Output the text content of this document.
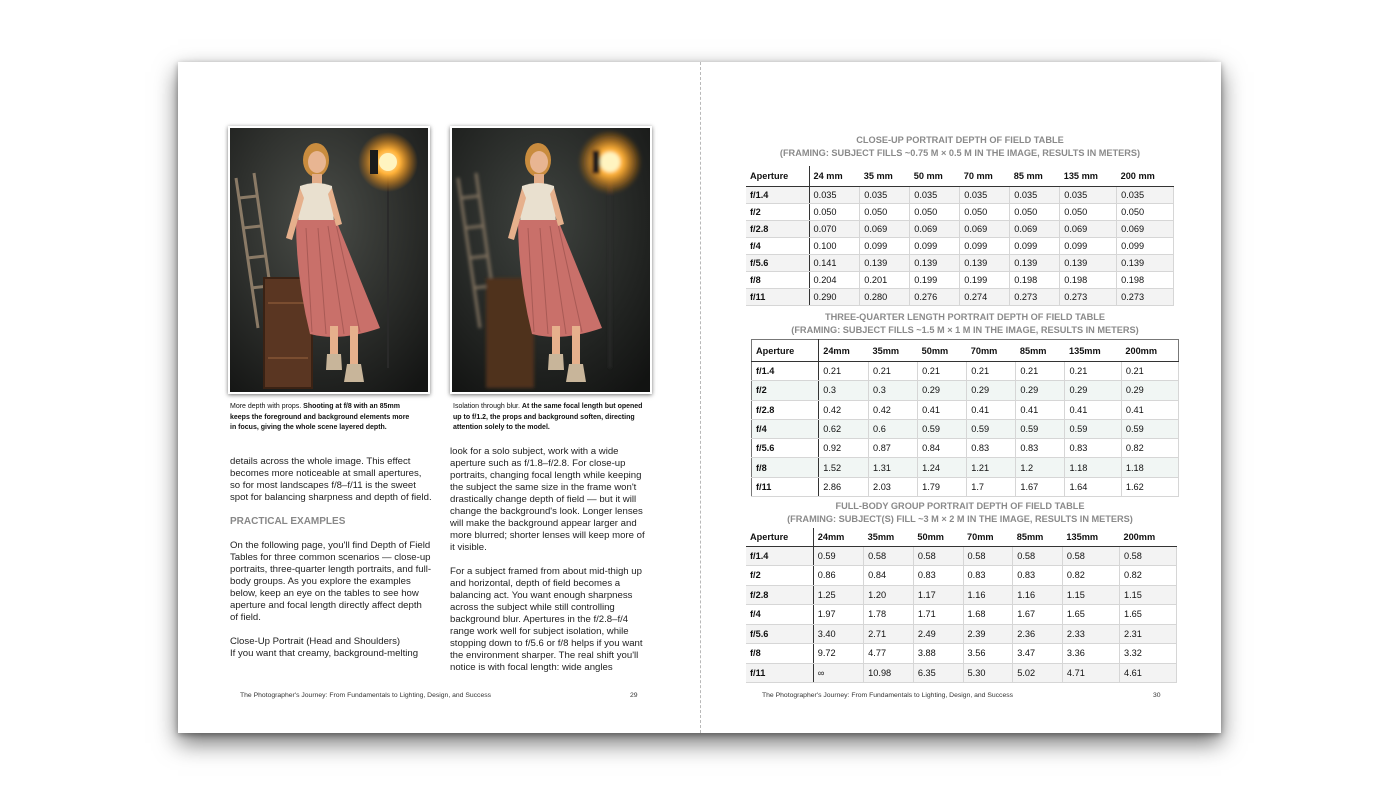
More depth with props. Shooting at f/8 with an 85mm keeps the foreground and background elements more in focus, giving the whole scene layered depth.
Isolation through blur. At the same focal length but opened up to f/1.2, the props and background soften, directing attention solely to the model.

details across the whole image. This effect becomes more noticeable at small apertures, so for most landscapes f/8–f/11 is the sweet spot for balancing sharpness and depth of field.

PRACTICAL EXAMPLES

On the following page, you'll find Depth of Field Tables for three common scenarios — close-up portraits, three-quarter length portraits, and full-body groups. As you explore the examples below, keep an eye on the tables to see how aperture and focal length directly affect depth of field.

Close-Up Portrait (Head and Shoulders)
If you want that creamy, background-melting

look for a solo subject, work with a wide aperture such as f/1.8–f/2.8. For close-up portraits, changing focal length while keeping the subject the same size in the frame won't drastically change depth of field — but it will change the background's look. Longer lenses will make the background appear larger and more blurred; shorter lenses will keep more of it visible.

For a subject framed from about mid-thigh up and horizontal, depth of field becomes a balancing act. You want enough sharpness across the subject while still controlling background blur. Apertures in the f/2.8–f/4 range work well for subject isolation, while stopping down to f/5.6 or f/8 helps if you want the environment sharper. The real shift you'll notice is with focal length: wide angles

The Photographer's Journey: From Fundamentals to Lighting, Design, and Success	29
CLOSE-UP PORTRAIT DEPTH OF FIELD TABLE
(FRAMING: SUBJECT FILLS ~0.75 M × 0.5 M IN THE IMAGE, RESULTS IN METERS)
Aperture	24 mm	35 mm	50 mm	70 mm	85 mm	135 mm	200 mm
f/1.4	0.035	0.035	0.035	0.035	0.035	0.035	0.035
f/2	0.050	0.050	0.050	0.050	0.050	0.050	0.050
f/2.8	0.070	0.069	0.069	0.069	0.069	0.069	0.069
f/4	0.100	0.099	0.099	0.099	0.099	0.099	0.099
f/5.6	0.141	0.139	0.139	0.139	0.139	0.139	0.139
f/8	0.204	0.201	0.199	0.199	0.198	0.198	0.198
f/11	0.290	0.280	0.276	0.274	0.273	0.273	0.273
THREE-QUARTER LENGTH PORTRAIT DEPTH OF FIELD TABLE
(FRAMING: SUBJECT FILLS ~1.5 M × 1 M IN THE IMAGE, RESULTS IN METERS)
Aperture	24mm	35mm	50mm	70mm	85mm	135mm	200mm
f/1.4	0.21	0.21	0.21	0.21	0.21	0.21	0.21
f/2	0.3	0.3	0.29	0.29	0.29	0.29	0.29
f/2.8	0.42	0.42	0.41	0.41	0.41	0.41	0.41
f/4	0.62	0.6	0.59	0.59	0.59	0.59	0.59
f/5.6	0.92	0.87	0.84	0.83	0.83	0.83	0.82
f/8	1.52	1.31	1.24	1.21	1.2	1.18	1.18
f/11	2.86	2.03	1.79	1.7	1.67	1.64	1.62
FULL-BODY GROUP PORTRAIT DEPTH OF FIELD TABLE
(FRAMING: SUBJECT(S) FILL ~3 M × 2 M IN THE IMAGE, RESULTS IN METERS)
Aperture	24mm	35mm	50mm	70mm	85mm	135mm	200mm
f/1.4	0.59	0.58	0.58	0.58	0.58	0.58	0.58
f/2	0.86	0.84	0.83	0.83	0.83	0.82	0.82
f/2.8	1.25	1.20	1.17	1.16	1.16	1.15	1.15
f/4	1.97	1.78	1.71	1.68	1.67	1.65	1.65
f/5.6	3.40	2.71	2.49	2.39	2.36	2.33	2.31
f/8	9.72	4.77	3.88	3.56	3.47	3.36	3.32
f/11	∞	10.98	6.35	5.30	5.02	4.71	4.61
The Photographer's Journey: From Fundamentals to Lighting, Design, and Success	30
